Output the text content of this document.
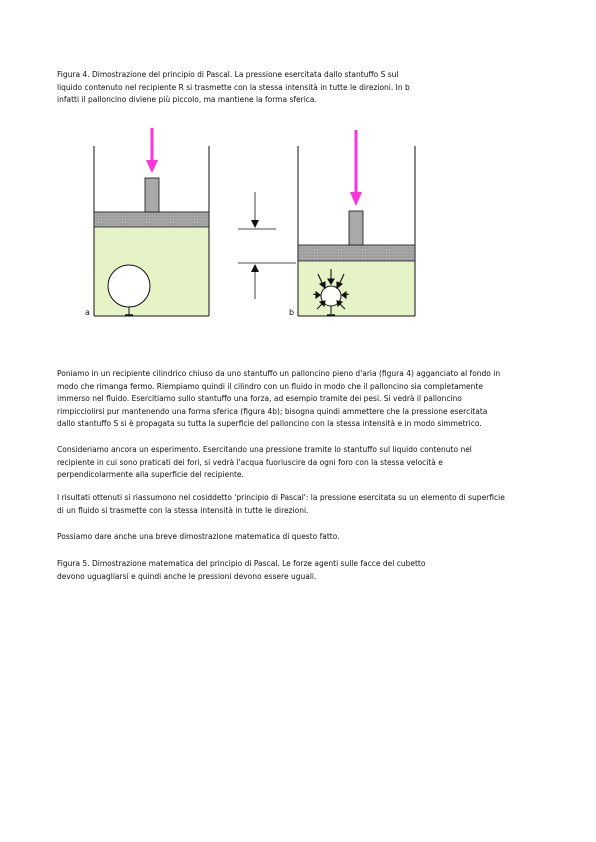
Figura 4. Dimostrazione del principio di Pascal. La pressione esercitata dallo stantuffo S sul
liquido contenuto nel recipiente R si trasmette con la stessa intensità in tutte le direzioni. In b
infatti il palloncino diviene più piccolo, ma mantiene la forma sferica.
a	b
Poniamo in un recipiente cilindrico chiuso da uno stantuffo un palloncino pieno d'aria (figura 4) agganciato al fondo in
modo che rimanga fermo. Riempiamo quindi il cilindro con un fluido in modo che il palloncino sia completamente
immerso nel fluido. Esercitiamo sullo stantuffo una forza, ad esempio tramite dei pesi. Si vedrà il palloncino
rimpicciolirsi pur mantenendo una forma sferica (figura 4b); bisogna quindi ammettere che la pressione esercitata
dallo stantuffo S si è propagata su tutta la superficie del palloncino con la stessa intensità e in modo simmetrico.
Consideriamo ancora un esperimento. Esercitando una pressione tramite lo stantuffo sul liquido contenuto nel
recipiente in cui sono praticati dei fori, si vedrà l'acqua fuoriuscire da ogni foro con la stessa velocità e
perpendicolarmente alla superficie del recipiente.
I risultati ottenuti si riassumono nel cosiddetto 'principio di Pascal': la pressione esercitata su un elemento di superficie
di un fluido si trasmette con la stessa intensità in tutte le direzioni.
Possiamo dare anche una breve dimostrazione matematica di questo fatto.
Figura 5. Dimostrazione matematica del principio di Pascal. Le forze agenti sulle facce del cubetto
devono uguagliarsi e quindi anche le pressioni devono essere uguali.
